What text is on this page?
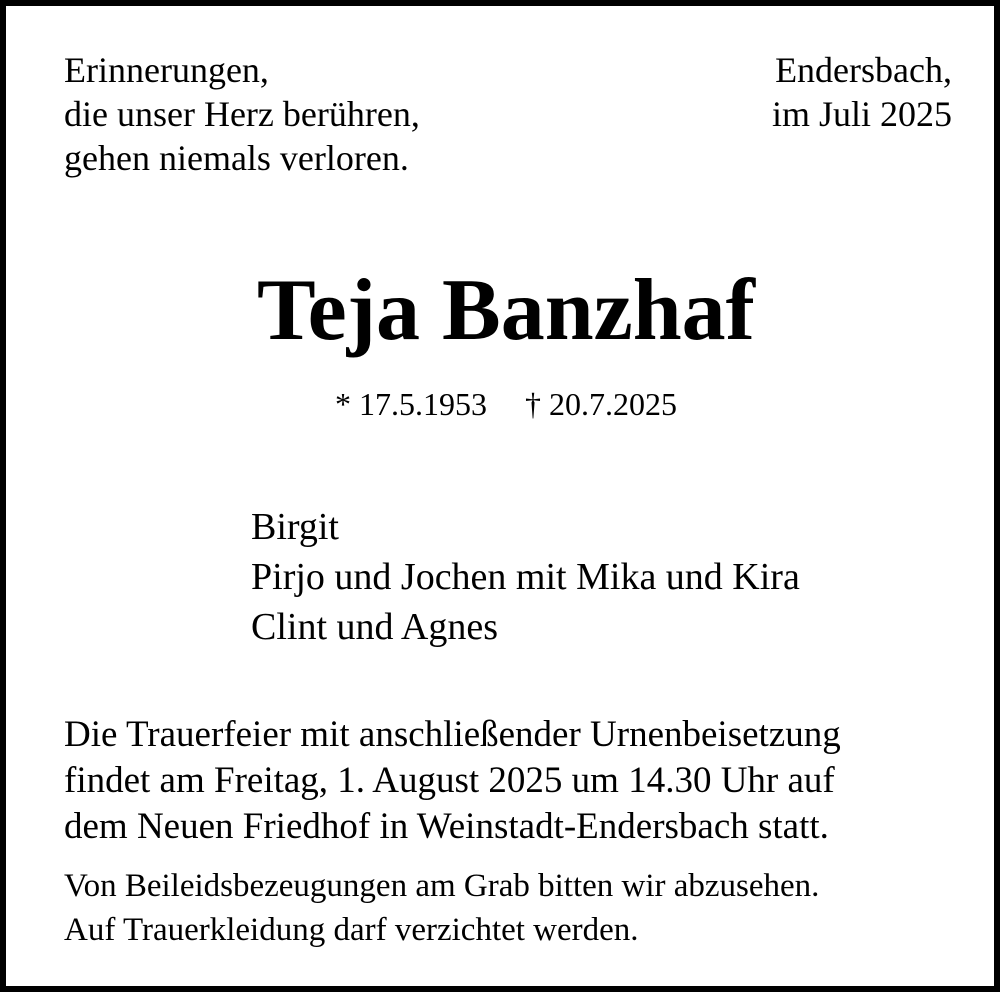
Erinnerungen,
die unser Herz berühren,
gehen niemals verloren.

Endersbach,
im Juli 2025

Teja Banzhaf

* 17.5.1953 † 20.7.2025

Birgit
Pirjo und Jochen mit Mika und Kira
Clint und Agnes

Die Trauerfeier mit anschließender Urnenbeisetzung
findet am Freitag, 1. August 2025 um 14.30 Uhr auf
dem Neuen Friedhof in Weinstadt-Endersbach statt.

Von Beileidsbezeugungen am Grab bitten wir abzusehen.
Auf Trauerkleidung darf verzichtet werden.
